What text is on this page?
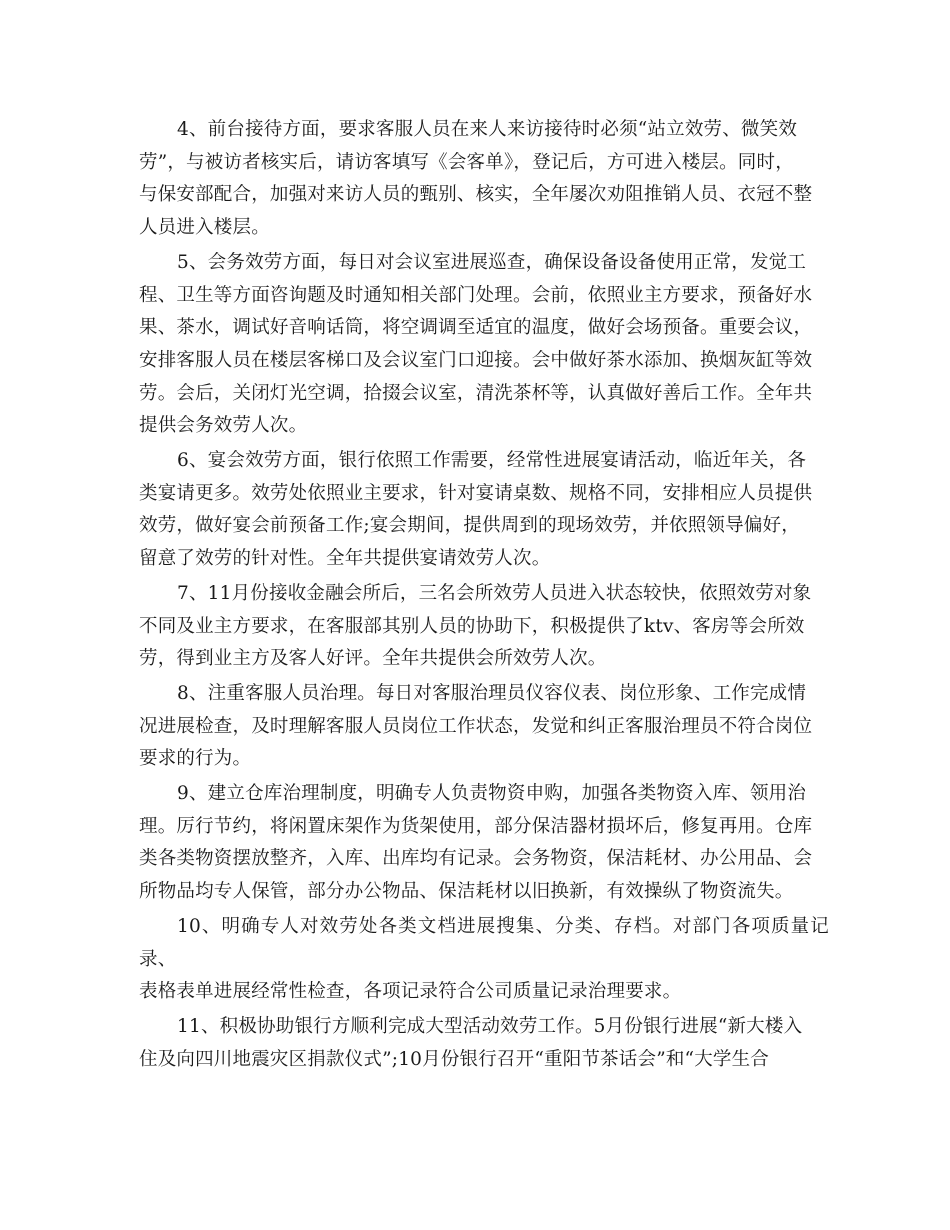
4、前台接待方面，要求客服人员在来人来访接待时必须“站立效劳、微笑效
劳”，与被访者核实后，请访客填写《会客单》，登记后，方可进入楼层。同时，
与保安部配合，加强对来访人员的甄别、核实，全年屡次劝阻推销人员、衣冠不整
人员进入楼层。

5、会务效劳方面，每日对会议室进展巡查，确保设备设备使用正常，发觉工
程、卫生等方面咨询题及时通知相关部门处理。会前，依照业主方要求，预备好水
果、茶水，调试好音响话筒，将空调调至适宜的温度，做好会场预备。重要会议，
安排客服人员在楼层客梯口及会议室门口迎接。会中做好茶水添加、换烟灰缸等效
劳。会后，关闭灯光空调，拾掇会议室，清洗茶杯等，认真做好善后工作。全年共
提供会务效劳人次。

6、宴会效劳方面，银行依照工作需要，经常性进展宴请活动，临近年关，各
类宴请更多。效劳处依照业主要求，针对宴请桌数、规格不同，安排相应人员提供
效劳，做好宴会前预备工作;宴会期间，提供周到的现场效劳，并依照领导偏好，
留意了效劳的针对性。全年共提供宴请效劳人次。

7、11月份接收金融会所后，三名会所效劳人员进入状态较快，依照效劳对象
不同及业主方要求，在客服部其别人员的协助下，积极提供了ktv、客房等会所效
劳，得到业主方及客人好评。全年共提供会所效劳人次。

8、注重客服人员治理。每日对客服治理员仪容仪表、岗位形象、工作完成情
况进展检查，及时理解客服人员岗位工作状态，发觉和纠正客服治理员不符合岗位
要求的行为。

9、建立仓库治理制度，明确专人负责物资申购，加强各类物资入库、领用治
理。厉行节约，将闲置床架作为货架使用，部分保洁器材损坏后，修复再用。仓库
类各类物资摆放整齐，入库、出库均有记录。会务物资，保洁耗材、办公用品、会
所物品均专人保管，部分办公物品、保洁耗材以旧换新，有效操纵了物资流失。

10、明确专人对效劳处各类文档进展搜集、分类、存档。对部门各项质量记录、
表格表单进展经常性检查，各项记录符合公司质量记录治理要求。

11、积极协助银行方顺利完成大型活动效劳工作。5月份银行进展“新大楼入
住及向四川地震灾区捐款仪式”;10月份银行召开“重阳节茶话会”和“大学生合
